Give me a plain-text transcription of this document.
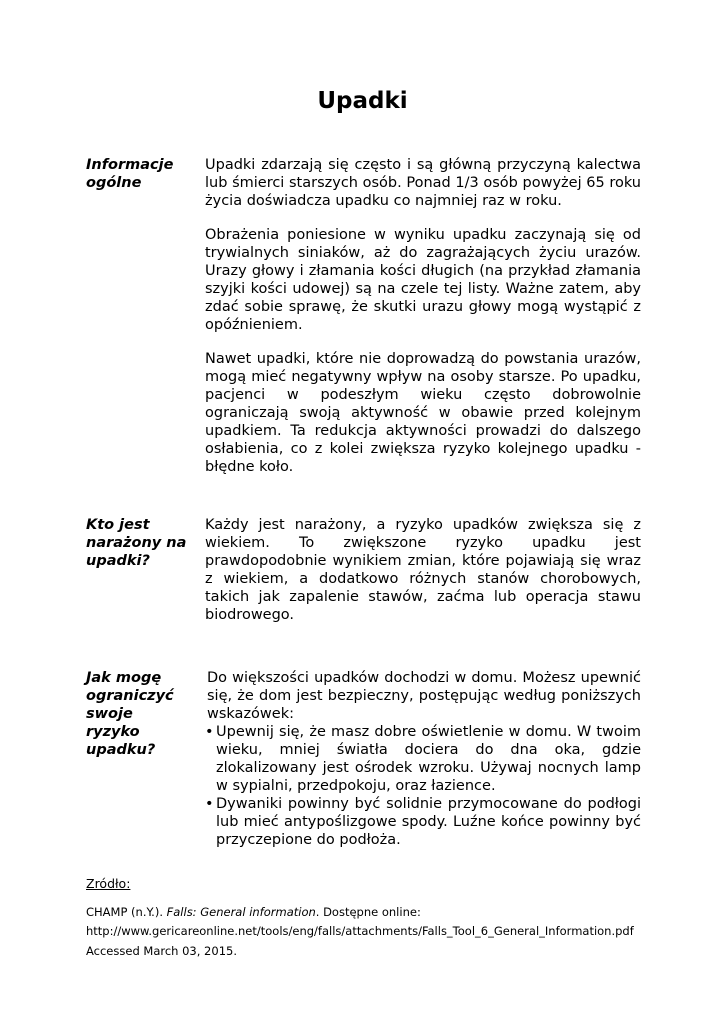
Upadki
Informacje ogólne

Upadki zdarzają się często i są główną przyczyną kalectwa lub śmierci starszych osób. Ponad 1/3 osób powyżej 65 roku życia doświadcza upadku co najmniej raz w roku.

Obrażenia poniesione w wyniku upadku zaczynają się od trywialnych siniaków, aż do zagrażających życiu urazów. Urazy głowy i złamania kości długich (na przykład złamania szyjki kości udowej) są na czele tej listy. Ważne zatem, aby zdać sobie sprawę, że skutki urazu głowy mogą wystąpić z opóźnieniem.

Nawet upadki, które nie doprowadzą do powstania urazów, mogą mieć negatywny wpływ na osoby starsze. Po upadku, pacjenci w podeszłym wieku często dobrowolnie ograniczają swoją aktywność w obawie przed kolejnym upadkiem. Ta redukcja aktywności prowadzi do dalszego osłabienia, co z kolei zwiększa ryzyko kolejnego upadku - błędne koło.

Kto jest narażony na upadki?

Każdy jest narażony, a ryzyko upadków zwiększa się z wiekiem. To zwiększone ryzyko upadku jest prawdopodobnie wynikiem zmian, które pojawiają się wraz z wiekiem, a dodatkowo różnych stanów chorobowych, takich jak zapalenie stawów, zaćma lub operacja stawu biodrowego.

Jak mogę ograniczyć swoje ryzyko upadku?

Do większości upadków dochodzi w domu. Możesz upewnić się, że dom jest bezpieczny, postępując według poniższych wskazówek:

• Upewnij się, że masz dobre oświetlenie w domu. W twoim wieku, mniej światła dociera do dna oka, gdzie zlokalizowany jest ośrodek wzroku. Używaj nocnych lamp w sypialni, przedpokoju, oraz łazience.
• Dywaniki powinny być solidnie przymocowane do podłogi lub mieć antypoślizgowe spody. Luźne końce powinny być przyczepione do podłoża.
Zródło:
CHAMP (n.Y.). Falls: General information. Dostępne online:
http://www.gericareonline.net/tools/eng/falls/attachments/Falls_Tool_6_General_Information.pdf
Accessed March 03, 2015.
